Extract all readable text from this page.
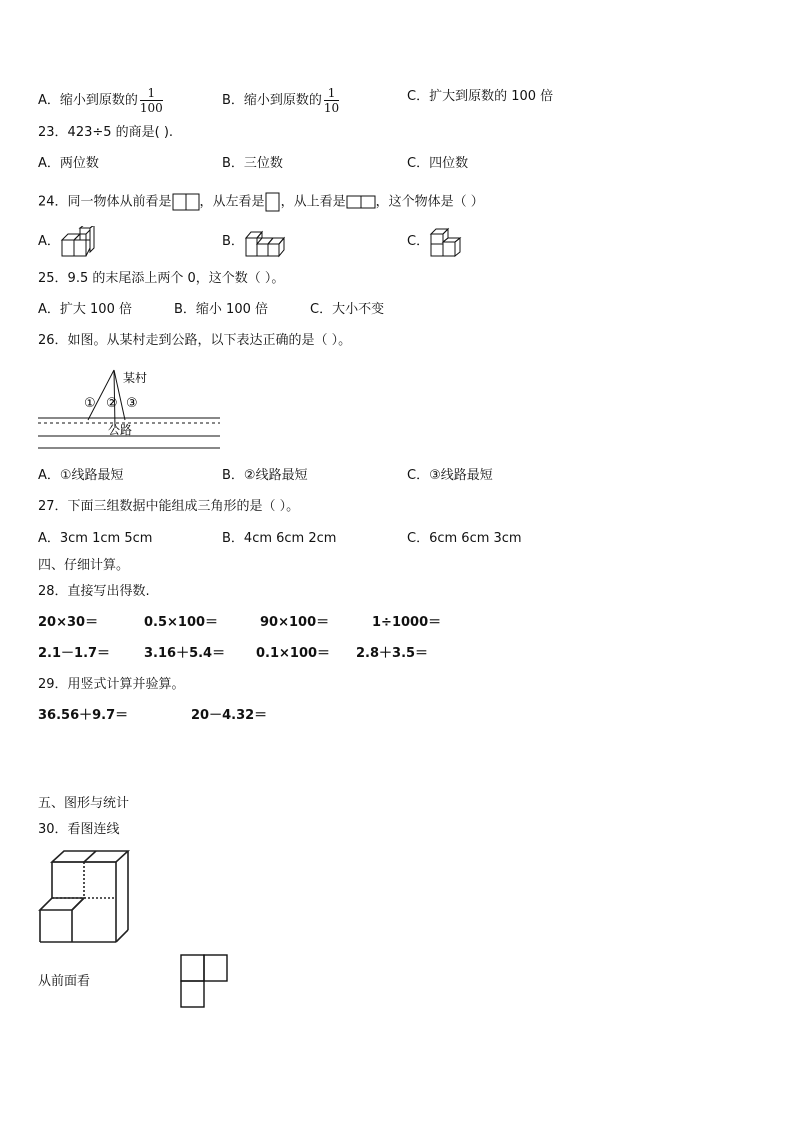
A．缩小到原数的 $\frac{1}{100}$	B．缩小到原数的 $\frac{1}{10}$	C．扩大到原数的 100 倍
23．423÷5 的商是( ).
A．两位数	B．三位数	C．四位数
24．同一物体从前看是 ，从左看是 ，从上看是 ，这个物体是（ ）
A．	B．	C．
25．9.5 的末尾添上两个 0，这个数（ ）。
A．扩大 100 倍	B．缩小 100 倍	C．大小不变
26．如图。从某村走到公路，以下表达正确的是（ ）。
某村
① ② ③
公路
A．①线路最短	B．②线路最短	C．③线路最短
27．下面三组数据中能组成三角形的是（ ）。
A．3cm 1cm 5cm	B．4cm 6cm 2cm	C．6cm 6cm 3cm
四、仔细计算。
28．直接写出得数.
20×30＝	0.5×100＝	90×100＝	1÷1000＝
2.1－1.7＝	3.16＋5.4＝ 0.1×100＝ 2.8＋3.5＝
29．用竖式计算并验算。
36.56＋9.7＝	20－4.32＝
五、图形与统计
30．看图连线
从前面看
